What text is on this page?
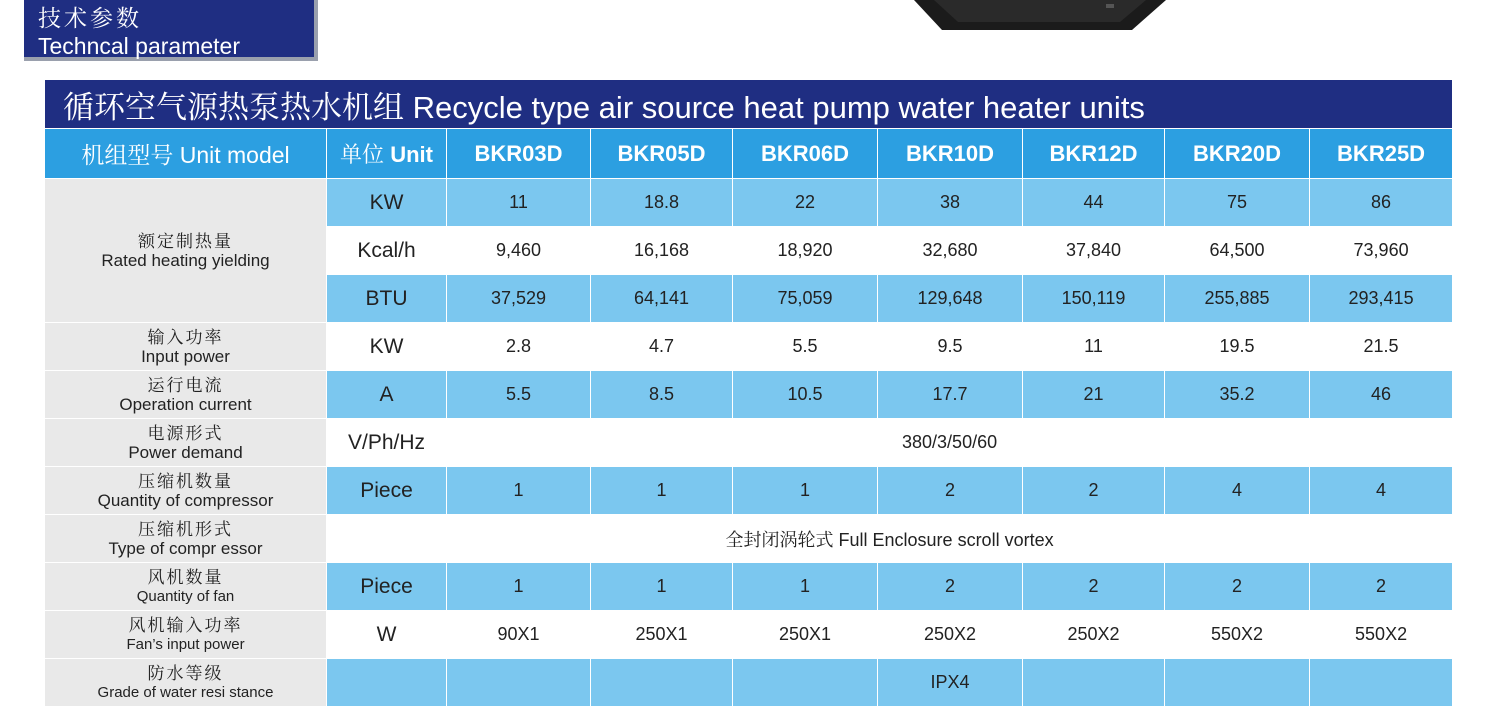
技术参数
Techncal parameter
循环空气源热泵热水机组 Recycle type air source heat pump water heater units								
机组型号 Unit model	单位 Unit	BKR03D	BKR05D	BKR06D	BKR10D	BKR12D	BKR20D	BKR25D

额定制热量
Rated heating yielding	KW	11	18.8	22	38	44	75	86
	Kcal/h	9,460	16,168	18,920	32,680	37,840	64,500	73,960
	BTU	37,529	64,141	75,059	129,648	150,119	255,885	293,415

输入功率
Input power	KW	2.8	4.7	5.5	9.5	11	19.5	21.5

运行电流
Operation current	A	5.5	8.5	10.5	17.7	21	35.2	46

电源形式
Power demand	V/Ph/Hz	380/3/50/60						

压缩机数量
Quantity of compressor	Piece	1	1	1	2	2	4	4

压缩机形式
Type of compr essor	全封闭涡轮式 Full Enclosure scroll vortex							

风机数量
Quantity of fan	Piece	1	1	1	2	2	2	2

风机输入功率
Fan’s input power	W	90X1	250X1	250X1	250X2	250X2	550X2	550X2

防水等级
Grade of water resi stance					IPX4			
